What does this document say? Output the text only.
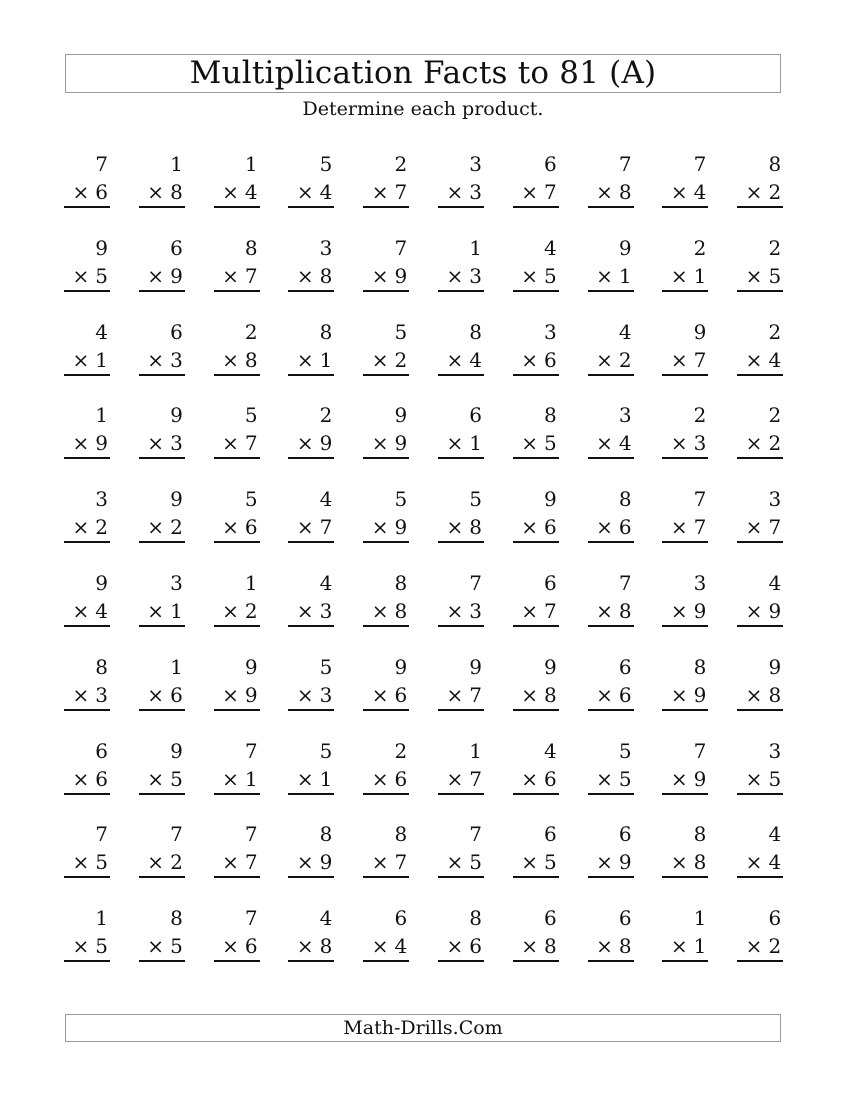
Multiplication Facts to 81 (A)
Determine each product.
7
× 6
1
× 8
1
× 4
5
× 4
2
× 7
3
× 3
6
× 7
7
× 8
7
× 4
8
× 2
9
× 5
6
× 9
8
× 7
3
× 8
7
× 9
1
× 3
4
× 5
9
× 1
2
× 1
2
× 5
4
× 1
6
× 3
2
× 8
8
× 1
5
× 2
8
× 4
3
× 6
4
× 2
9
× 7
2
× 4
1
× 9
9
× 3
5
× 7
2
× 9
9
× 9
6
× 1
8
× 5
3
× 4
2
× 3
2
× 2
3
× 2
9
× 2
5
× 6
4
× 7
5
× 9
5
× 8
9
× 6
8
× 6
7
× 7
3
× 7
9
× 4
3
× 1
1
× 2
4
× 3
8
× 8
7
× 3
6
× 7
7
× 8
3
× 9
4
× 9
8
× 3
1
× 6
9
× 9
5
× 3
9
× 6
9
× 7
9
× 8
6
× 6
8
× 9
9
× 8
6
× 6
9
× 5
7
× 1
5
× 1
2
× 6
1
× 7
4
× 6
5
× 5
7
× 9
3
× 5
7
× 5
7
× 2
7
× 7
8
× 9
8
× 7
7
× 5
6
× 5
6
× 9
8
× 8
4
× 4
1
× 5
8
× 5
7
× 6
4
× 8
6
× 4
8
× 6
6
× 8
6
× 8
1
× 1
6
× 2
Math-Drills.Com
